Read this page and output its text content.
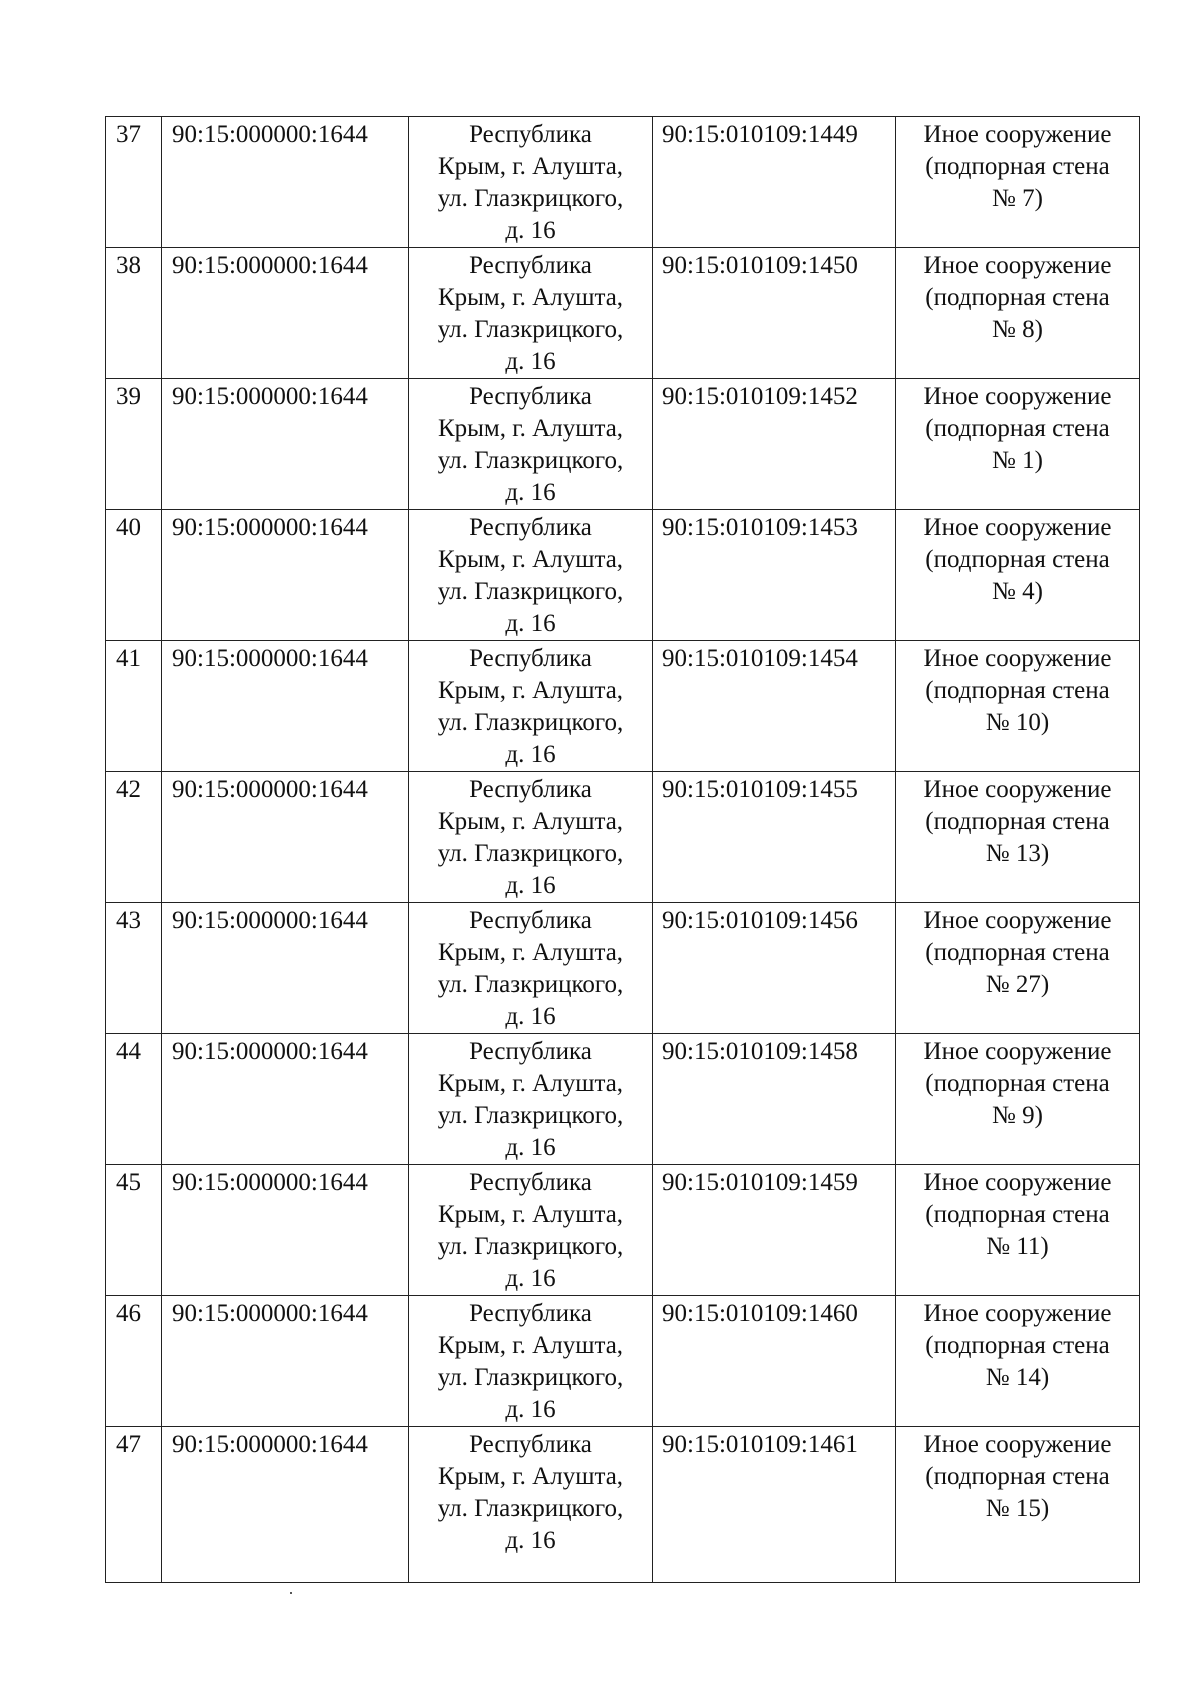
37	90:15:000000:1644	Республика
Крым, г. Алушта,
ул. Глазкрицкого,
д. 16	90:15:010109:1449	Иное сооружение
(подпорная стена
№ 7)

38	90:15:000000:1644	Республика
Крым, г. Алушта,
ул. Глазкрицкого,
д. 16	90:15:010109:1450	Иное сооружение
(подпорная стена
№ 8)

39	90:15:000000:1644	Республика
Крым, г. Алушта,
ул. Глазкрицкого,
д. 16	90:15:010109:1452	Иное сооружение
(подпорная стена
№ 1)

40	90:15:000000:1644	Республика
Крым, г. Алушта,
ул. Глазкрицкого,
д. 16	90:15:010109:1453	Иное сооружение
(подпорная стена
№ 4)

41	90:15:000000:1644	Республика
Крым, г. Алушта,
ул. Глазкрицкого,
д. 16	90:15:010109:1454	Иное сооружение
(подпорная стена
№ 10)

42	90:15:000000:1644	Республика
Крым, г. Алушта,
ул. Глазкрицкого,
д. 16	90:15:010109:1455	Иное сооружение
(подпорная стена
№ 13)

43	90:15:000000:1644	Республика
Крым, г. Алушта,
ул. Глазкрицкого,
д. 16	90:15:010109:1456	Иное сооружение
(подпорная стена
№ 27)

44	90:15:000000:1644	Республика
Крым, г. Алушта,
ул. Глазкрицкого,
д. 16	90:15:010109:1458	Иное сооружение
(подпорная стена
№ 9)

45	90:15:000000:1644	Республика
Крым, г. Алушта,
ул. Глазкрицкого,
д. 16	90:15:010109:1459	Иное сооружение
(подпорная стена
№ 11)

46	90:15:000000:1644	Республика
Крым, г. Алушта,
ул. Глазкрицкого,
д. 16	90:15:010109:1460	Иное сооружение
(подпорная стена
№ 14)

47	90:15:000000:1644	Республика
Крым, г. Алушта,
ул. Глазкрицкого,
д. 16	90:15:010109:1461	Иное сооружение
(подпорная стена
№ 15)
